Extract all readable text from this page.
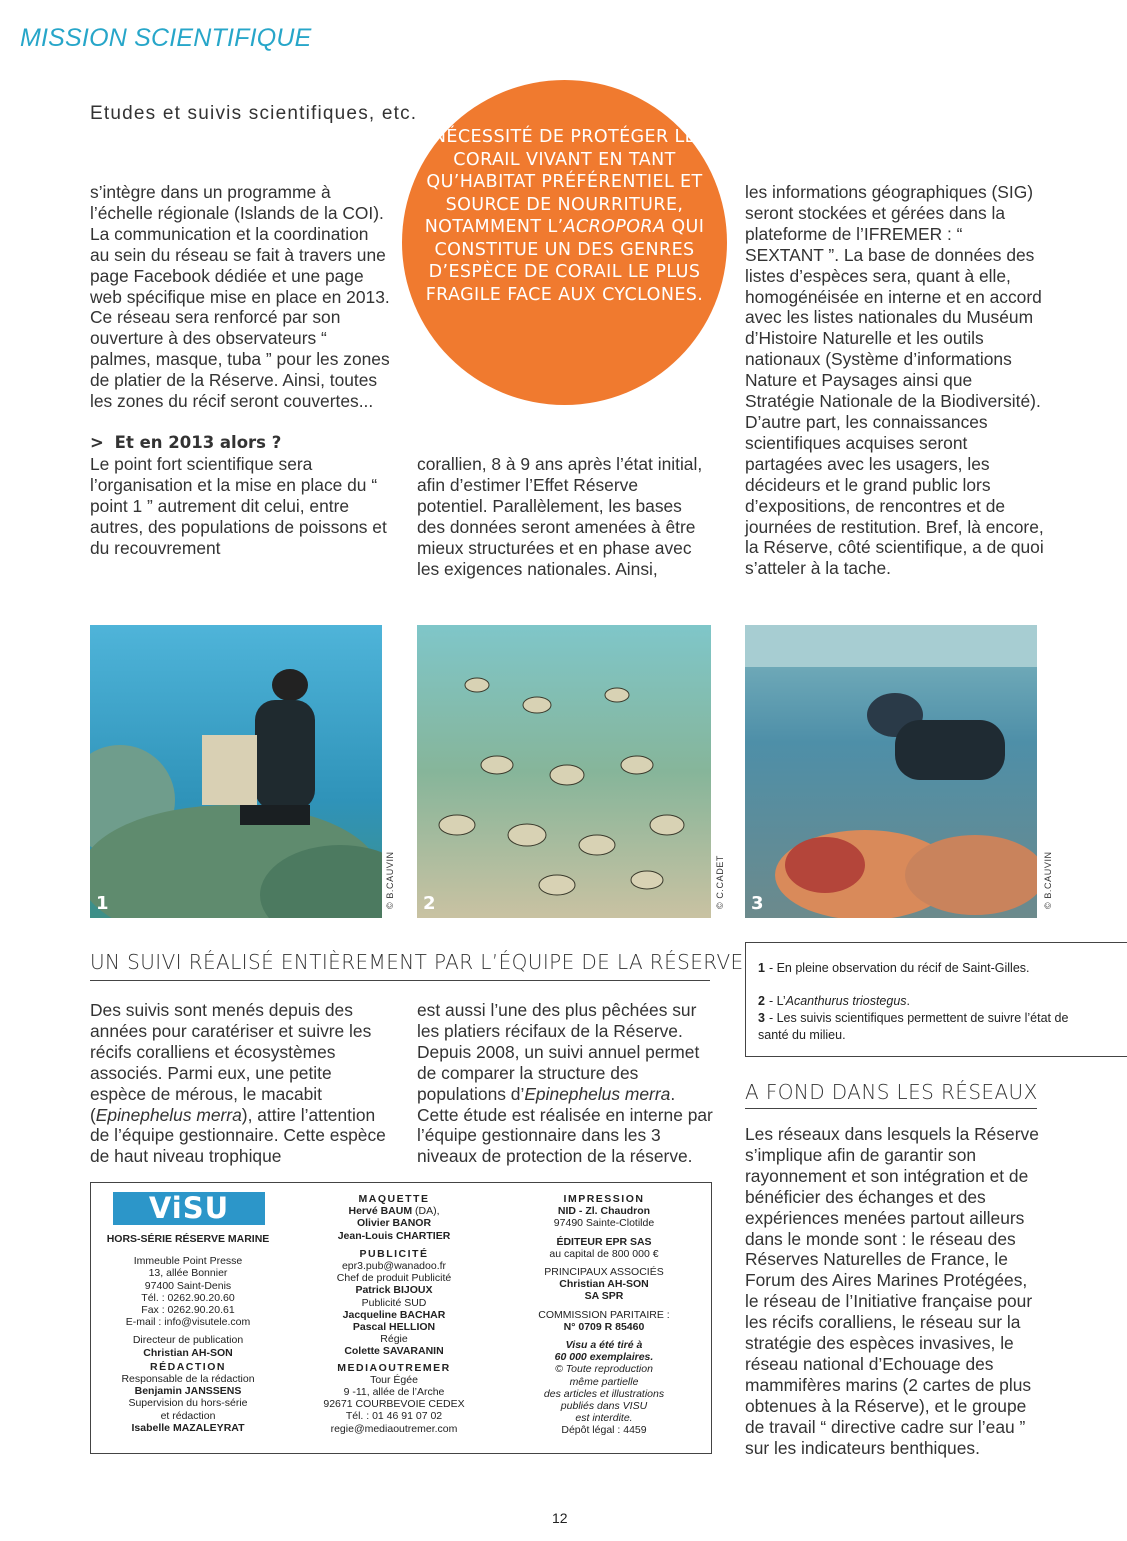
MISSION SCIENTIFIQUE
Etudes et suivis scientifiques, etc.

s’intègre dans un programme à l’échelle régionale (Islands de la COI). La communication et la coordination au sein du réseau se fait à travers une page Facebook dédiée et une page web spécifique mise en place en 2013. Ce réseau sera renforcé par son ouverture à des observateurs “ palmes, masque, tuba ” pour les zones de platier de la Réserve. Ainsi, toutes les zones du récif seront couvertes...

> Et en 2013 alors ?

Le point fort scientifique sera l’organisation et la mise en place du “ point 1 ” autrement dit celui, entre autres, des populations de poissons et du recouvrement

corallien, 8 à 9 ans après l’état initial, afin d’estimer l’Effet Réserve potentiel. Parallèlement, les bases des données seront amenées à être mieux structurées et en phase avec les exigences nationales. Ainsi,

les informations géographiques (SIG) seront stockées et gérées dans la plateforme de l’IFREMER : “ SEXTANT ”. La base de données des listes d’espèces sera, quant à elle, homogénéisée en interne et en accord avec les listes nationales du Muséum d’Histoire Naturelle et les outils nationaux (Système d’informations Nature et Paysages ainsi que Stratégie Nationale de la Biodiversité). D’autre part, les connaissances scientifiques acquises seront partagées avec les usagers, les décideurs et le grand public lors d’expositions, de rencontres et de journées de restitution. Bref, là encore, la Réserve, côté scientifique, a de quoi s’atteler à la tache.

NÉCESSITÉ DE PROTÉGER LE CORAIL VIVANT EN TANT QU’HABITAT PRÉFÉRENTIEL ET SOURCE DE NOURRITURE, NOTAMMENT L’ACROPORA QUI CONSTITUE UN DES GENRES D’ESPÈCE DE CORAIL LE PLUS FRAGILE FACE AUX CYCLONES.
1	© B.CAUVIN 2	© C.CADET 3	© B.CAUVIN
1 - En pleine observation du récif de Saint-Gilles.
2 - L’Acanthurus triostegus.
3 - Les suivis scientifiques permettent de suivre l’état de santé du milieu.
UN SUIVI RÉALISÉ ENTIÈREMENT PAR L’ÉQUIPE DE LA RÉSERVE

Des suivis sont menés depuis des années pour caratériser et suivre les récifs coralliens et écosystèmes associés. Parmi eux, une petite espèce de mérous, le macabit (Epinephelus merra), attire l’attention de l’équipe gestionnaire. Cette espèce de haut niveau trophique

est aussi l’une des plus pêchées sur les platiers récifaux de la Réserve. Depuis 2008, un suivi annuel permet de comparer la structure des populations d’Epinephelus merra. Cette étude est réalisée en interne par l’équipe gestionnaire dans les 3 niveaux de protection de la réserve.

A FOND DANS LES RÉSEAUX

Les réseaux dans lesquels la Réserve s’implique afin de garantir son rayonnement et son intégration et de bénéficier des échanges et des expériences menées partout ailleurs dans le monde sont : le réseau des Réserves Naturelles de France, le Forum des Aires Marines Protégées, le réseau de l’Initiative française pour les récifs coralliens, le réseau sur la stratégie des espèces invasives, le réseau national d’Echouage des mammifères marins (2 cartes de plus obtenues à la Réserve), et le groupe de travail “ directive cadre sur l’eau ” sur les indicateurs benthiques.

ViSU
HORS-SÉRIE RÉSERVE MARINE
Immeuble Point Presse
13, allée Bonnier
97400 Saint-Denis
Tél. : 0262.90.20.60
Fax : 0262.90.20.61
E-mail : info@visutele.com
Directeur de publication
Christian AH-SON
RÉDACTION
Responsable de la rédaction
Benjamin JANSSENS
Supervision du hors-série
et rédaction
Isabelle MAZALEYRAT
MAQUETTE
Hervé BAUM (DA),
Olivier BANOR
Jean-Louis CHARTIER
PUBLICITÉ
epr3.pub@wanadoo.fr
Chef de produit Publicité
Patrick BIJOUX
Publicité SUD
Jacqueline BACHAR
Pascal HELLION
Régie
Colette SAVARANIN
MEDIAOUTREMER
Tour Égée
9 -11, allée de l’Arche
92671 COURBEVOIE CEDEX
Tél. : 01 46 91 07 02
regie@mediaoutremer.com
IMPRESSION
NID - Zl. Chaudron
97490 Sainte-Clotilde
ÉDITEUR EPR SAS
au capital de 800 000 €
PRINCIPAUX ASSOCIÉS
Christian AH-SON
SA SPR
COMMISSION PARITAIRE :
N° 0709 R 85460
Visu a été tiré à
60 000 exemplaires.
© Toute reproduction
même partielle
des articles et illustrations
publiés dans VISU
est interdite.
Dépôt légal : 4459
12
